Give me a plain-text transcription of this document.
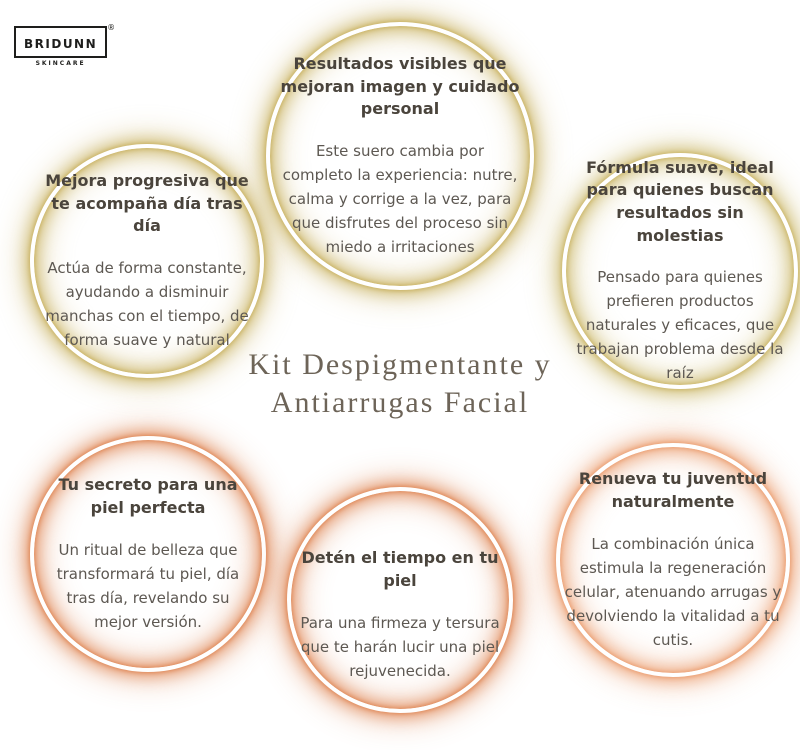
BRIDUNN
®
SKINCARE
Kit Despigmentante y
Antiarrugas Facial
Mejora progresiva que te acompaña día tras día

Actúa de forma constante, ayudando a disminuir manchas con el tiempo, de forma suave y natural

Resultados visibles que mejoran imagen y cuidado personal

Este suero cambia por completo la experiencia: nutre, calma y corrige a la vez, para que disfrutes del proceso sin miedo a irritaciones

Fórmula suave, ideal para quienes buscan resultados sin molestias

Pensado para quienes prefieren productos naturales y eficaces, que trabajan problema desde la raíz

Tu secreto para una piel perfecta

Un ritual de belleza que transformará tu piel, día tras día, revelando su mejor versión.

Detén el tiempo en tu piel

Para una firmeza y tersura que te harán lucir una piel rejuvenecida.

Renueva tu juventud naturalmente

La combinación única estimula la regeneración celular, atenuando arrugas y devolviendo la vitalidad a tu cutis.
